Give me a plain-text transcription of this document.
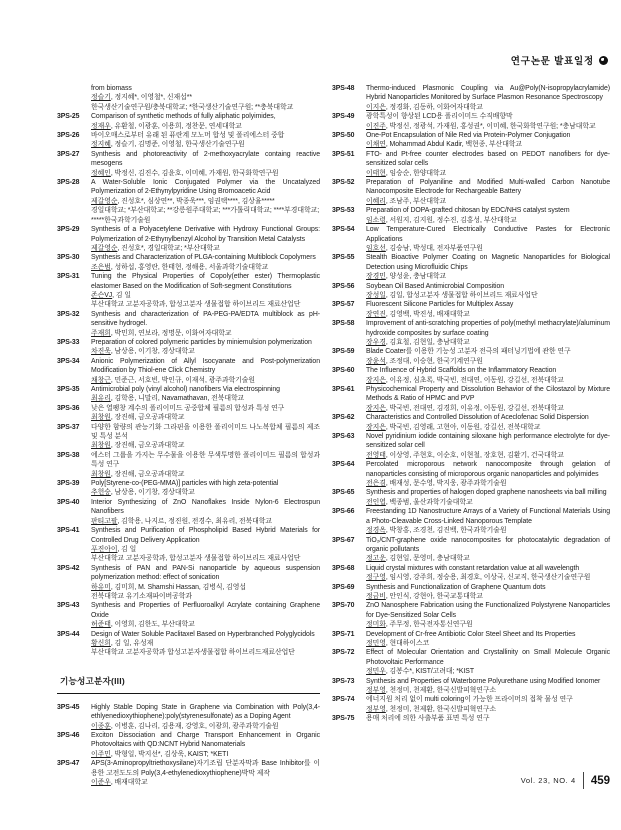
연구논문 발표일정
from biomass
정슬기, 정지혜*, 이영철*, 신재섭**
한국생산기술연구원/충북대학교; *한국생산기술연구원; **충북대학교
3PS-25	Comparison of synthetic methods of fully aliphatic polyimides,
정재우, 유환철, 이광훈, 이용희, 정찬문, 연세대학교
3PS-26	바이오매스로부터 유래 된 퓨란계 모노머 합성 및 폴리에스터 중합
정지혜, 정슬기, 김명준, 이영철, 한국생산기술연구원
3PS-27	Synthesis and photoreactivity of 2-methoxyacrylate containg reactive mesogens
정혜인, 박정신, 김진수, 김윤호, 이미혜, 가재원, 한국화학연구원
3PS-28	A Water-Soluble Ionic Conjugated Polymer via the Uncatalyzed Polymerization of 2-Ethynylpyridine Using Bromoacetic Acid
제갈영순, 진성호*, 심상연**, 박종욱***, 임권택****, 김상율*****
경일대학교; *부산대학교; **강릉원주대학교; ***가톨릭대학교; ****부경대학교; *****한국과학기술원
3PS-29	Synthesis of a Polyacetylene Derivative with Hydroxy Functional Groups: Polymerization of 2-Ethynylbenzyl Alcohol by Transition Metal Catalysts
제갈영순, 진성호*, 경일대학교; *부산대학교
3PS-30	Synthesis and Characterization of PLGA-containing Multiblock Copolymers
조은범, 성하섭, 홍영란, 한태현, 정해용, 서울과학기술대학교
3PS-31	Tuning the Physical Properties of Copoly(ether ester) Thermoplastic elastomer Based on the Modification of Soft-segment Constitutions
존슨VJ, 김 일
부산대학교 고분자공학과, 합성고분자 생물접합 하이브리드 재료산업단
3PS-32	Synthesis and characterization of PA-PEG-PA/EDTA multiblock as pH-sensitive hydrogel.
주재희, 박민희, 연보라, 정명문, 이화여자대학교
3PS-33	Preparation of colored polymeric particles by miniemulsion polymerization
차진욱, 남상용, 이기창, 경상대학교
3PS-34	Anionic Polymerization of Allyl Isocyanate and Post-polymerization Modification by Thiol-ene Click Chemistry
채창근, 민준근, 서호빈, 박인규, 이재석, 광주과학기술원
3PS-35	Antimicrobial poly (vinyl alcohol) nanofibers Via electrospinning
최유리, 김학용, 니말리, Navamathavan, 전북대학교
3PS-36	낮은 열팽창 계수의 폴리이미드 공중합체 필름의 합성과 특성 연구
최창원, 장진해, 금오공과대학교
3PS-37	다양한 함량의 관능기화 그라핀을 이용한 폴리이미드 나노복합체 필름의 제조 및 특성 분석
최창원, 장진해, 금오공과대학교
3PS-38	에스터 그룹을 가지는 무수물을 이용한 무색투명한 폴리이미드 필름의 합성과 특성 연구
최창원, 장진해, 금오공과대학교
3PS-39	Poly[Styrene-co-(PEG-MMA)] particles with high zeta-potential
추헌승, 남상용, 이기창, 경상대학교
3PS-40	Interior Synthesizing of ZnO Nanoflakes Inside Nylon-6 Electrospun Nanofibers
판티고팔, 김학용, 나지르, 정진원, 전경수, 최유리, 전북대학교
3PS-41	Synthesis and Purification of Phospholipid Based Hybrid Materials for Controlled Drug Delivery Application
푸진아이, 김 일
부산대학교 고분자공학과, 합성고분자 생물접합 하이브리드 재료사업단
3PS-42	Synthesis of PAN and PAN-Si nanoparticle by aqueous suspension polymerization method: effect of sonication
하유미, 김미희, M. Shamshi Hassan, 김병식, 김영섭
전북대학교 유기소재파이버공학과
3PS-43	Synthesis and Properties of Perfluoroalkyl Acrylate containing Graphene Oxide
허준태, 이영희, 김한도, 부산대학교
3PS-44	Design of Water Soluble Paclitaxel Based on Hyperbranched Polyglycidols
황신희, 김 일, 유성재
부산대학교 고분자공학과 합성고분자생물접합 하이브리드재료산업단
기능성고분자(III)
3PS-45	Highly Stable Doping State in Graphene via Combination with Poly(3,4-ethlyenedioxythiophene):poly(styrenesulfonate) as a Doping Agent
이종훈, 이병훈, 김나리, 김용재, 강영호, 이광희, 광주과학기술원
3PS-46	Exciton Dissociation and Charge Transport Enhancement in Organic Photovoltaics with QD:NCNT Hybrid Nanomaterials
이주민, 박형일, 박지선*, 김상욱, KAIST; *KETI
3PS-47	APS(3-Aminopropyltriethoxysilane)자기조립 단분자막과 Base Inhibitor를 이용한 고전도도의 Poly(3,4-ethylenedioxythiophene)박막 제작
이준우, 배재대학교
3PS-48	Thermo-induced Plasmonic Coupling via Au@Poly(N-isopropylacrylamide) Hybrid Nanoparticles Monitored by Surface Plasmon Resonance Spectroscopy
이지은, 정경화, 김동하, 이화여자대학교
3PS-49	광학특성이 향상된 LCD용 폴리이미드 수직배향막
이진주, 박정신, 정광석, 가재원, 홍성권*, 이미혜, 한국화학연구원; *충남대학교
3PS-50	One-Pot Encapsulation of Nile Red via Protein-Polymer Conjugation
이채연, Mohammad Abdul Kadir, 백현종, 부산대학교
3PS-51	FTO- and Pt-free counter electrodes based on PEDOT nanofibers for dye-sensitized solar cells
이태현, 임승순, 한양대학교
3PS-52	Preparation of Polyaniline and Modified Multi-walled Carbon Nanotube Nanocomposite Electrode for Rechargeable Battery
이혜리, 조남주, 부산대학교
3PS-53	Preparation of DOPA-grafted chitosan by EDC/NHS catalyst system
임소령, 서원지, 김지원, 정수진, 김홍성, 부산대학교
3PS-54	Low Temperature-Cured Electrically Conductive Pastes for Electronic Applications
임호선, 김승남, 박성대, 전자부품연구원
3PS-55	Stealth Bioactive Polymer Coating on Magnetic Nanoparticles for Biological Detection using Microfluidic Chips
장경민, 양성윤, 충남대학교
3PS-56	Soybean Oil Based Antimicrobial Composition
장성일, 김일, 합성고분자 생물접합 하이브리드 재료사업단
3PS-57	Fluorescent Silicone Particles for Multiplex Assay
장연진, 김영백, 박진성, 배재대학교
3PS-58	Improvement of anti-scratching properties of poly(methyl methacrylate)/aluminum hydroxide composites by surface coating
장우경, 김효철, 김현일, 충남대학교
3PS-59	Blade Coater를 이용한 기능성 고분자 전극의 패터닝기법에 관한 연구
장윤석, 조정대, 이승현, 한국기계연구원
3PS-60	The Influence of Hybrid Scaffolds on the Inflammatory Reaction
장지은, 이유정, 심초록, 박국빈, 전대연, 이동원, 강길선, 전북대학교
3PS-61	Physicochemical Property and Dissolution Behavior of the Cilostazol by Mixture Methods & Ratio of HPMC and PVP
장지은, 박국빈, 전대연, 김경희, 이유정, 이동원, 강길선, 전북대학교
3PS-62	Characteristics and Controlled Dissolution of Aceclofenac Solid Dispersion
장지은, 박국빈, 김영래, 고현아, 이동원, 강길선, 전북대학교
3PS-63	Novel pyridinium iodide containing siloxane high performance electrolyte for dye-sensitized solar cell
전영태, 이상영, 주현호, 이순호, 이현철, 장호현, 김환기, 건국대학교
3PS-64	Percolated microporous network nanocomposite through gelation of nanoparticles consisting of microporous organic nanoparticles and polyimides
전은겸, 배재성, 문수영, 박지웅, 광주과학기술원
3PS-65	Synthesis and properties of halogen doped graphene nanosheets via ball milling
전인엽, 백종범, 울산과학기술대학교
3PS-66	Freestanding 1D Nanostructure Arrays of a Variety of Functional Materials Using a Photo-Cleavable Cross-Linked Nanoporous Template
정경옥, 박창홍, 조경천, 김진백, 한국과학기술원
3PS-67	TiO₂/CNT-graphene oxide nanocomposites for photocatalytic degradation of organic pollutants
정고운, 김현일, 문영미, 충남대학교
3PS-68	Liquid crystal mixtures with constant retardation value at all wavelength
정구영, 임시영, 강주희, 정승용, 최경호, 이상국, 신교직, 한국생산기술연구원
3PS-69	Synthesis and Functionalization of Graphene Quantum dots
정금비, 안인식, 강현아, 한국교통대학교
3PS-70	ZnO Nanosphere Fabrication using the Functionalized Polystyrene Nanoparticles for Dye-Sensitized Solar Cells
정미화, 주무정, 한국전자통신연구원
3PS-71	Development of Cr-free Antibiotic Color Steel Sheet and Its Properties
정민영, 현대하이스코
3PS-72	Effect of Molecular Orientation and Crystallinity on Small Molecule Organic Photovoltaic Performance
정민우, 김봉수*, KIST/고려대; *KIST
3PS-73	Synthesis and Properties of Waterborne Polyurethane using Modified Ionomer
정부영, 천정미, 천제환, 한국신발피혁연구소
3PS-74	에너지원 처리 없이 multi coloring이 가능한 프라이머의 접착 물성 연구
정부영, 천정미, 천제환, 한국신발피혁연구소
3PS-75	용매 처리에 의한 사출부품 표면 특성 연구
Vol. 23, NO. 4 459
